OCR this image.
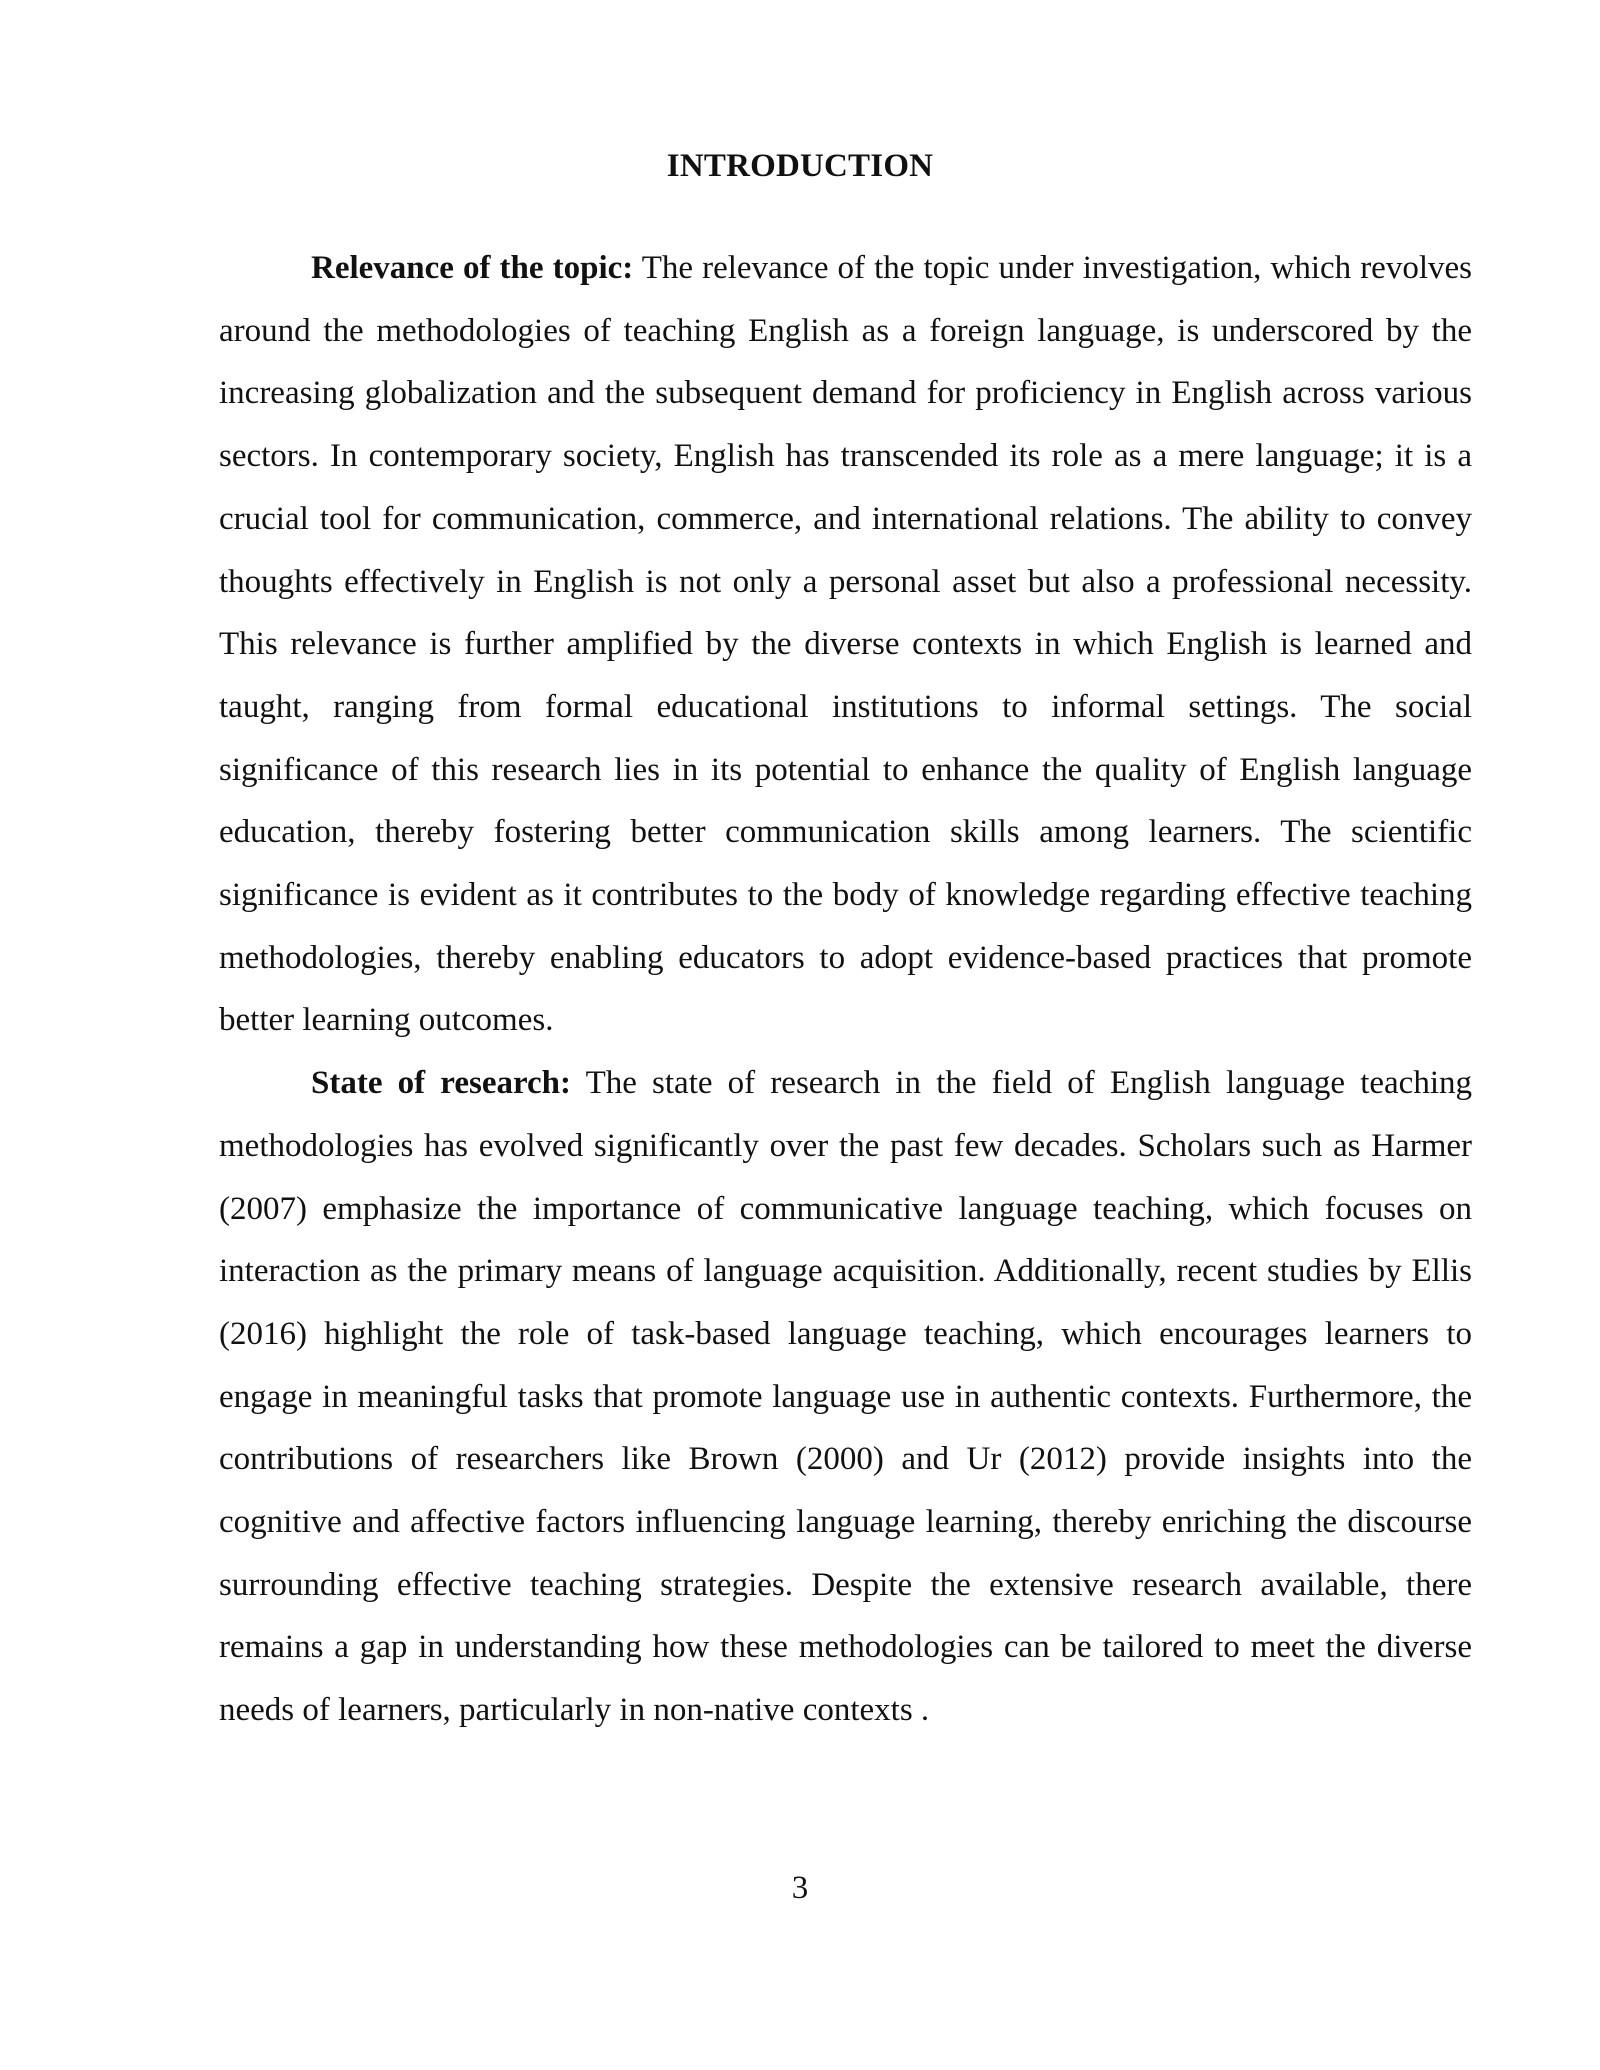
INTRODUCTION

Relevance of the topic: The relevance of the topic under investigation, which revolves around the methodologies of teaching English as a foreign language, is underscored by the increasing globalization and the subsequent demand for proficiency in English across various sectors. In contemporary society, English has transcended its role as a mere language; it is a crucial tool for communication, commerce, and international relations. The ability to convey thoughts effectively in English is not only a personal asset but also a professional necessity. This relevance is further amplified by the diverse contexts in which English is learned and taught, ranging from formal educational institutions to informal settings. The social significance of this research lies in its potential to enhance the quality of English language education, thereby fostering better communication skills among learners. The scientific significance is evident as it contributes to the body of knowledge regarding effective teaching methodologies, thereby enabling educators to adopt evidence-based practices that promote better learning outcomes.

State of research: The state of research in the field of English language teaching methodologies has evolved significantly over the past few decades. Scholars such as Harmer (2007) emphasize the importance of communicative language teaching, which focuses on interaction as the primary means of language acquisition. Additionally, recent studies by Ellis (2016) highlight the role of task-based language teaching, which encourages learners to engage in meaningful tasks that promote language use in authentic contexts. Furthermore, the contributions of researchers like Brown (2000) and Ur (2012) provide insights into the cognitive and affective factors influencing language learning, thereby enriching the discourse surrounding effective teaching strategies. Despite the extensive research available, there remains a gap in understanding how these methodologies can be tailored to meet the diverse needs of learners, particularly in non-native contexts .

3
